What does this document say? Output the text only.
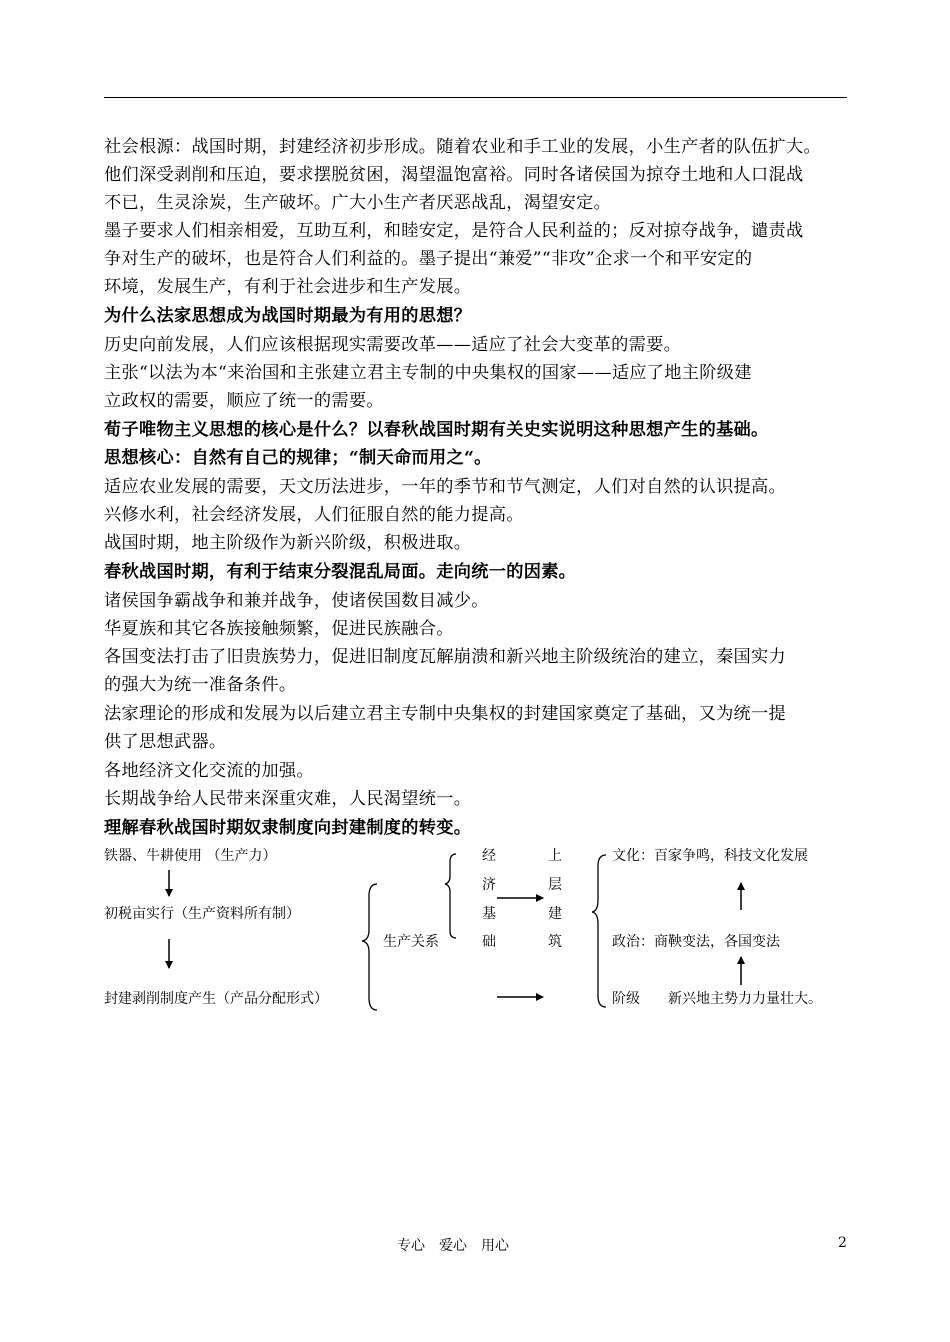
社会根源：战国时期，封建经济初步形成。随着农业和手工业的发展，小生产者的队伍扩大。
他们深受剥削和压迫，要求摆脱贫困，渴望温饱富裕。同时各诸侯国为掠夺土地和人口混战
不已，生灵涂炭，生产破坏。广大小生产者厌恶战乱，渴望安定。
墨子要求人们相亲相爱，互助互利，和睦安定，是符合人民利益的；反对掠夺战争，谴责战
争对生产的破坏，也是符合人们利益的。墨子提出“兼爱”“非攻”企求一个和平安定的
环境，发展生产，有利于社会进步和生产发展。
为什么法家思想成为战国时期最为有用的思想？
历史向前发展，人们应该根据现实需要改革——适应了社会大变革的需要。
主张“以法为本“来治国和主张建立君主专制的中央集权的国家——适应了地主阶级建
立政权的需要，顺应了统一的需要。
荀子唯物主义思想的核心是什么？以春秋战国时期有关史实说明这种思想产生的基础。
思想核心：自然有自己的规律；“制天命而用之“。
适应农业发展的需要，天文历法进步，一年的季节和节气测定，人们对自然的认识提高。
兴修水利，社会经济发展，人们征服自然的能力提高。
战国时期，地主阶级作为新兴阶级，积极进取。
春秋战国时期，有利于结束分裂混乱局面。走向统一的因素。
诸侯国争霸战争和兼并战争，使诸侯国数目减少。
华夏族和其它各族接触频繁，促进民族融合。
各国变法打击了旧贵族势力，促进旧制度瓦解崩溃和新兴地主阶级统治的建立，秦国实力
的强大为统一准备条件。
法家理论的形成和发展为以后建立君主专制中央集权的封建国家奠定了基础，又为统一提
供了思想武器。
各地经济文化交流的加强。
长期战争给人民带来深重灾难，人民渴望统一。
理解春秋战国时期奴隶制度向封建制度的转变。
铁器、牛耕使用 （生产力）
初税亩实行（生产资料所有制）
封建剥削制度产生（产品分配形式）
生产关系
经
济
基
础
上
层
建
筑
文化：百家争鸣，科技文化发展
政治：商鞅变法，各国变法
阶级 新兴地主势力力量壮大。
专心　爱心　用心	2
